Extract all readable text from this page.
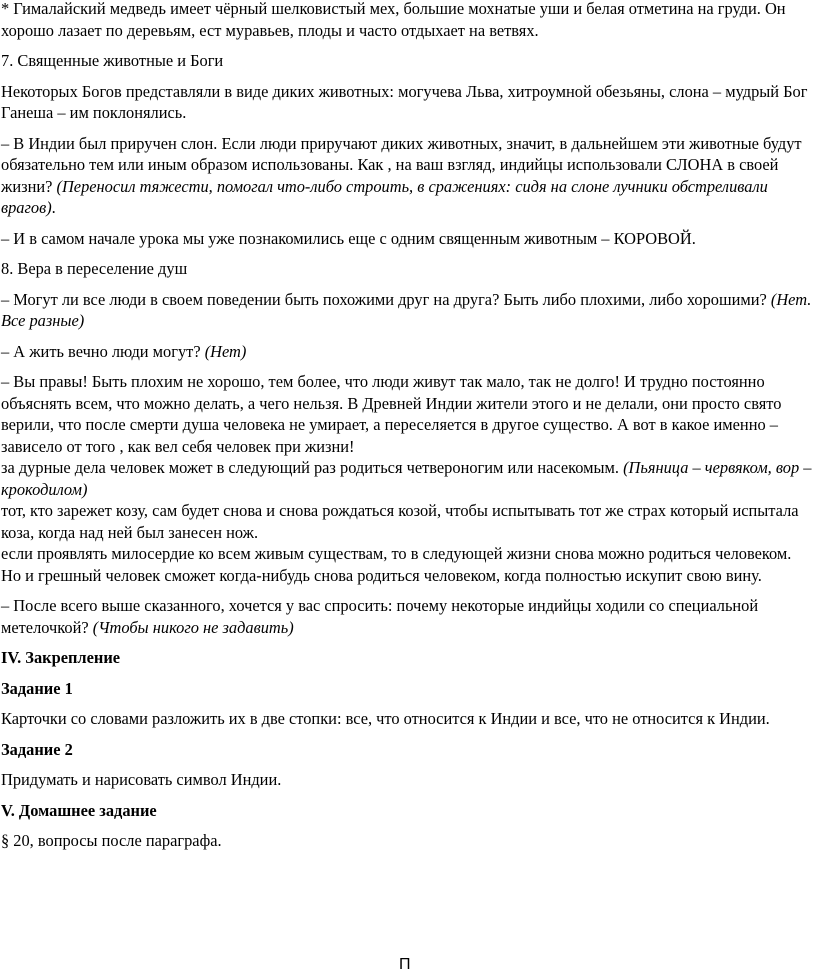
* Гималайский медведь имеет чёрный шелковистый мех, большие мохнатые уши и белая отметина на груди. Он хорошо лазает по деревьям, ест муравьев, плоды и часто отдыхает на ветвях.

7. Священные животные и Боги

Некоторых Богов представляли в виде диких животных: могучева Льва, хитроумной обезьяны, слона – мудрый Бог Ганеша – им поклонялись.

– В Индии был приручен слон. Если люди приручают диких животных, значит, в дальнейшем эти животные будут обязательно тем или иным образом использованы. Как , на ваш взгляд, индийцы использовали СЛОНА в своей жизни? (Переносил тяжести, помогал что-либо строить, в сражениях: сидя на слоне лучники обстреливали врагов).

– И в самом начале урока мы уже познакомились еще с одним священным животным – КОРОВОЙ.

8. Вера в переселение душ

– Могут ли все люди в своем поведении быть похожими друг на друга? Быть либо плохими, либо хорошими? (Нет. Все разные)

– А жить вечно люди могут? (Нет)

– Вы правы! Быть плохим не хорошо, тем более, что люди живут так мало, так не долго! И трудно постоянно объяснять всем, что можно делать, а чего нельзя. В Древней Индии жители этого и не делали, они просто свято верили, что после смерти душа человека не умирает, а переселяется в другое существо. А вот в какое именно – зависело от того , как вел себя человек при жизни!

за дурные дела человек может в следующий раз родиться четвероногим или насекомым. (Пьяница – червяком, вор – крокодилом)

тот, кто зарежет козу, сам будет снова и снова рождаться козой, чтобы испытывать тот же страх который испытала коза, когда над ней был занесен нож.

если проявлять милосердие ко всем живым существам, то в следующей жизни снова можно родиться человеком.

Но и грешный человек сможет когда-нибудь снова родиться человеком, когда полностью искупит свою вину.

– После всего выше сказанного, хочется у вас спросить: почему некоторые индийцы ходили со специальной метелочкой? (Чтобы никого не задавить)

IV. Закрепление

Задание 1

Карточки со словами разложить их в две стопки: все, что относится к Индии и все, что не относится к Индии.

Задание 2

Придумать и нарисовать символ Индии.

V. Домашнее задание

§ 20, вопросы после параграфа.

П
